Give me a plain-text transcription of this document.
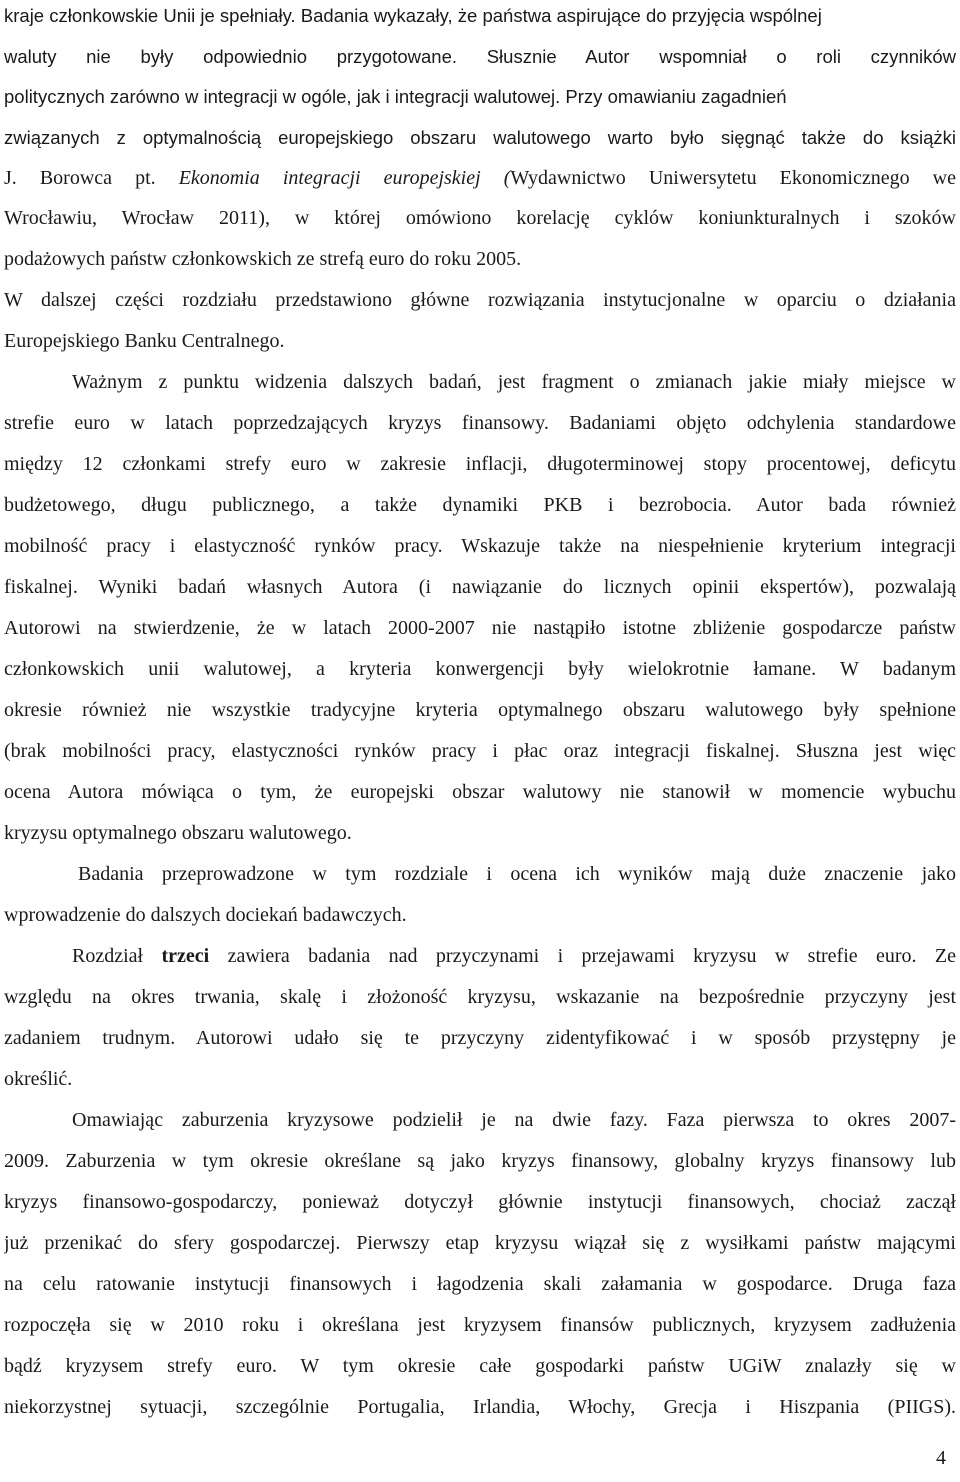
kraje członkowskie Unii je spełniały. Badania wykazały, że państwa aspirujące do przyjęcia wspólnej
waluty nie były odpowiednio przygotowane. Słusznie Autor wspomniał o roli czynników
politycznych zarówno w integracji w ogóle, jak i integracji walutowej. Przy omawianiu zagadnień
związanych z optymalnością europejskiego obszaru walutowego warto było sięgnąć także do książki
J. Borowca pt. Ekonomia integracji europejskiej (Wydawnictwo Uniwersytetu Ekonomicznego we
Wrocławiu, Wrocław 2011), w której omówiono korelację cyklów koniunkturalnych i szoków
podażowych państw członkowskich ze strefą euro do roku 2005.
W dalszej części rozdziału przedstawiono główne rozwiązania instytucjonalne w oparciu o działania
Europejskiego Banku Centralnego.
Ważnym z punktu widzenia dalszych badań, jest fragment o zmianach jakie miały miejsce w
strefie euro w latach poprzedzających kryzys finansowy. Badaniami objęto odchylenia standardowe
między 12 członkami strefy euro w zakresie inflacji, długoterminowej stopy procentowej, deficytu
budżetowego, długu publicznego, a także dynamiki PKB i bezrobocia. Autor bada również
mobilność pracy i elastyczność rynków pracy. Wskazuje także na niespełnienie kryterium integracji
fiskalnej. Wyniki badań własnych Autora (i nawiązanie do licznych opinii ekspertów), pozwalają
Autorowi na stwierdzenie, że w latach 2000-2007 nie nastąpiło istotne zbliżenie gospodarcze państw
członkowskich unii walutowej, a kryteria konwergencji były wielokrotnie łamane. W badanym
okresie również nie wszystkie tradycyjne kryteria optymalnego obszaru walutowego były spełnione
(brak mobilności pracy, elastyczności rynków pracy i płac oraz integracji fiskalnej. Słuszna jest więc
ocena Autora mówiąca o tym, że europejski obszar walutowy nie stanowił w momencie wybuchu
kryzysu optymalnego obszaru walutowego.
Badania przeprowadzone w tym rozdziale i ocena ich wyników mają duże znaczenie jako
wprowadzenie do dalszych dociekań badawczych.
Rozdział trzeci zawiera badania nad przyczynami i przejawami kryzysu w strefie euro. Ze
względu na okres trwania, skalę i złożoność kryzysu, wskazanie na bezpośrednie przyczyny jest
zadaniem trudnym. Autorowi udało się te przyczyny zidentyfikować i w sposób przystępny je
określić.
Omawiając zaburzenia kryzysowe podzielił je na dwie fazy. Faza pierwsza to okres 2007-
2009. Zaburzenia w tym okresie określane są jako kryzys finansowy, globalny kryzys finansowy lub
kryzys finansowo-gospodarczy, ponieważ dotyczył głównie instytucji finansowych, chociaż zaczął
już przenikać do sfery gospodarczej. Pierwszy etap kryzysu wiązał się z wysiłkami państw mającymi
na celu ratowanie instytucji finansowych i łagodzenia skali załamania w gospodarce. Druga faza
rozpoczęła się w 2010 roku i określana jest kryzysem finansów publicznych, kryzysem zadłużenia
bądź kryzysem strefy euro. W tym okresie całe gospodarki państw UGiW znalazły się w
niekorzystnej sytuacji, szczególnie Portugalia, Irlandia, Włochy, Grecja i Hiszpania (PIIGS).
4
